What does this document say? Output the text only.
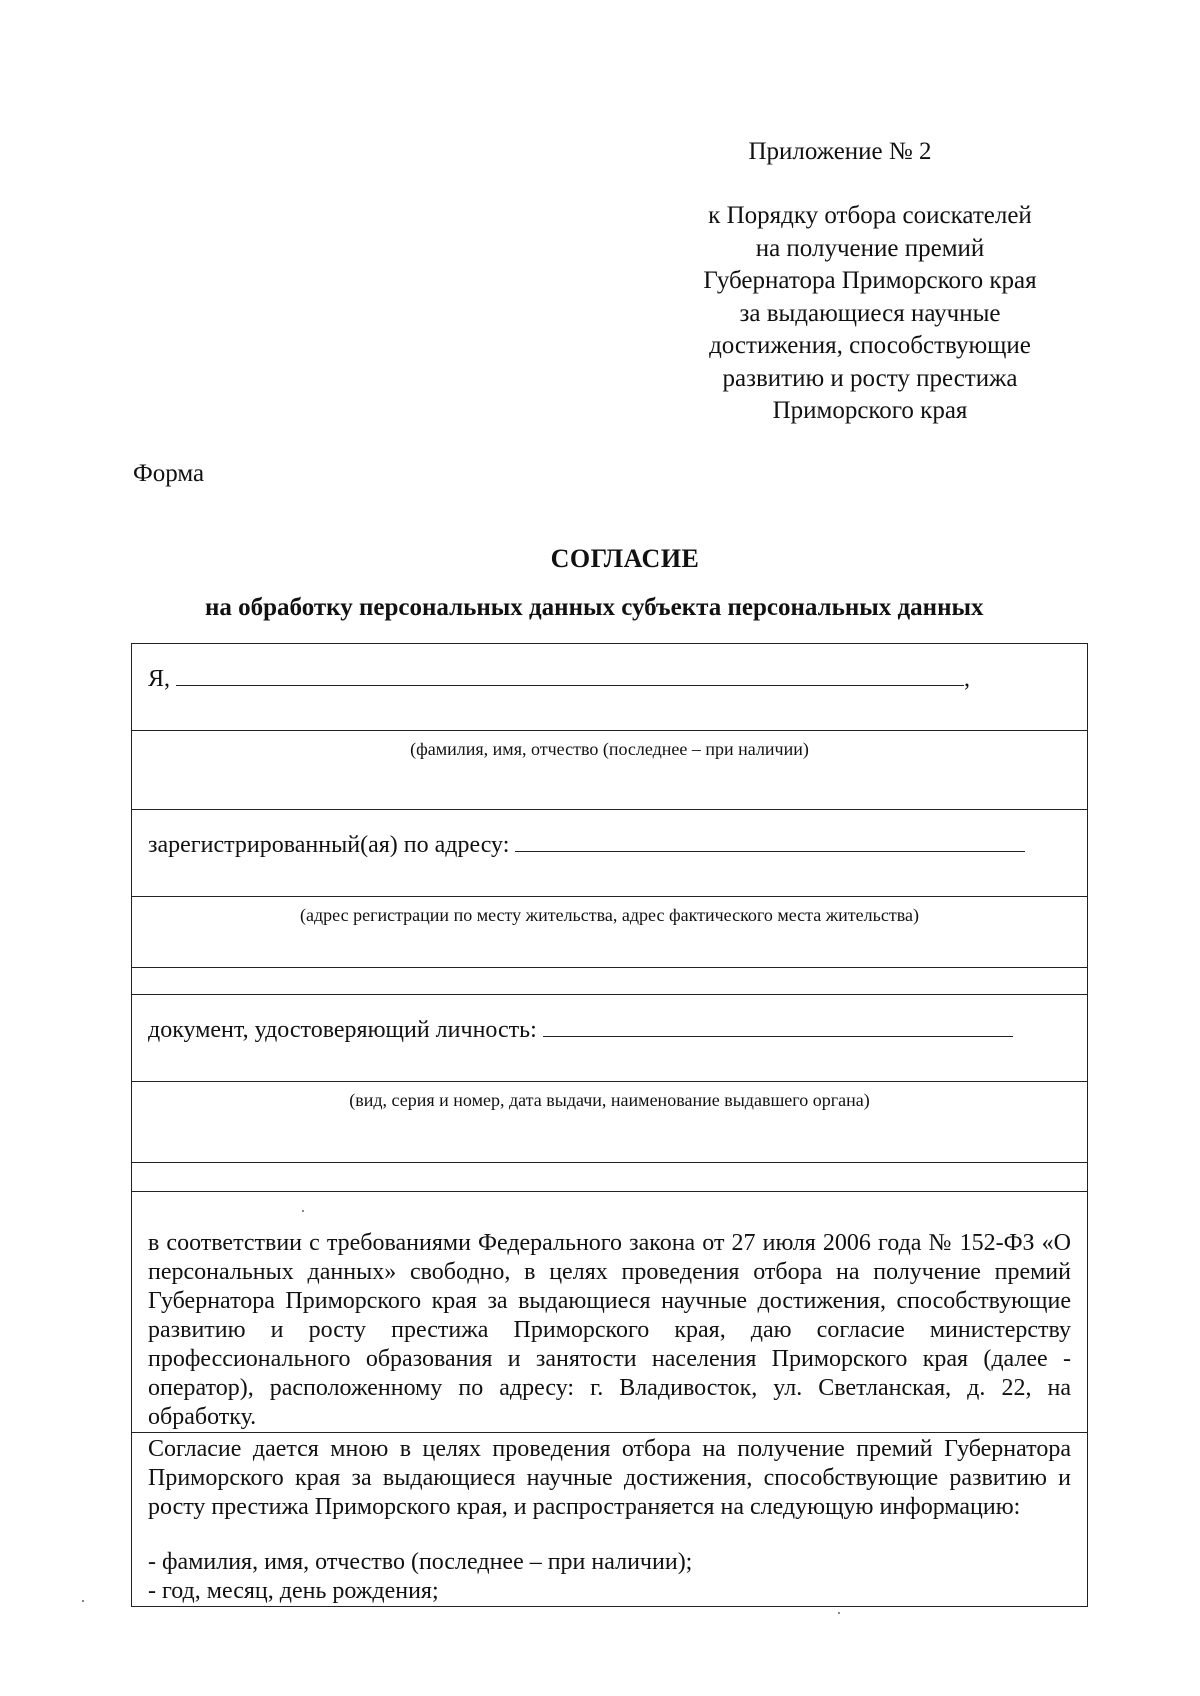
Приложение № 2
к Порядку отбора соискателей
на получение премий
Губернатора Приморского края
за выдающиеся научные
достижения, способствующие
развитию и росту престижа
Приморского края
Форма
СОГЛАСИЕ
на обработку персональных данных субъекта персональных данных
Я,	,

(фамилия, имя, отчество (последнее – при наличии)

зарегистрированный(ая) по адресу:

(адрес регистрации по месту жительства, адрес фактического места жительства)

документ, удостоверяющий личность:

(вид, серия и номер, дата выдачи, наименование выдавшего органа)

в соответствии с требованиями Федерального закона от 27 июля 2006 года № 152-ФЗ «О персональных данных» свободно, в целях проведения отбора на получение премий Губернатора Приморского края за выдающиеся научные достижения, способствующие развитию и росту престижа Приморского края, даю согласие министерству профессионального образования и занятости населения Приморского края (далее - оператор), расположенному по адресу: г. Владивосток, ул. Светланская, д. 22, на обработку.

Согласие дается мною в целях проведения отбора на получение премий Губернатора Приморского края за выдающиеся научные достижения, способствующие развитию и росту престижа Приморского края, и распространяется на следующую информацию:
- фамилия, имя, отчество (последнее – при наличии);
- год, месяц, день рождения;
